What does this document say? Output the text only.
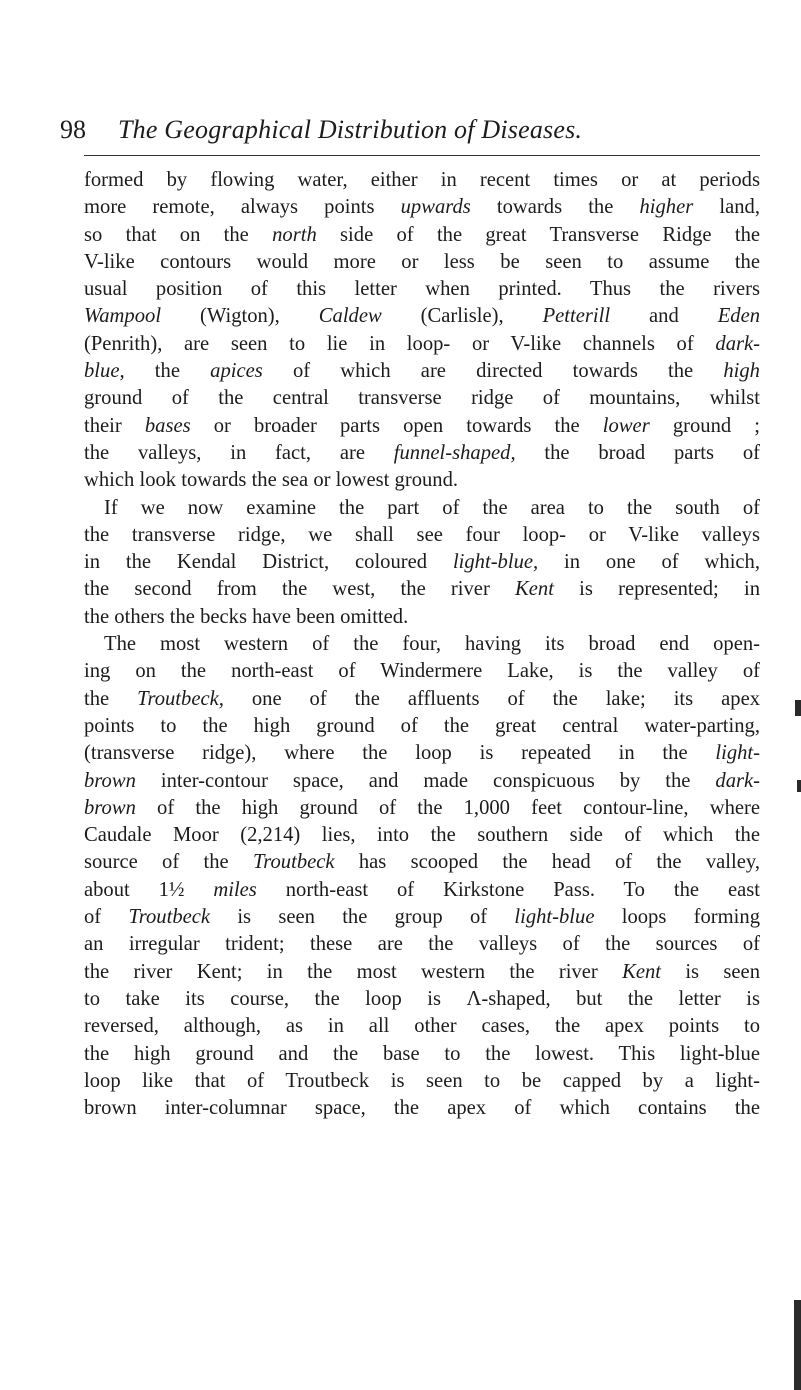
98 The Geographical Distribution of Diseases.
formed by flowing water, either in recent times or at periods
more remote, always points upwards towards the higher land,
so that on the north side of the great Transverse Ridge the
V-like contours would more or less be seen to assume the
usual position of this letter when printed. Thus the rivers
Wampool (Wigton), Caldew (Carlisle), Petterill and Eden
(Penrith), are seen to lie in loop- or V-like channels of dark-
blue, the apices of which are directed towards the high
ground of the central transverse ridge of mountains, whilst
their bases or broader parts open towards the lower ground ;
the valleys, in fact, are funnel-shaped, the broad parts of
which look towards the sea or lowest ground.
If we now examine the part of the area to the south of
the transverse ridge, we shall see four loop- or V-like valleys
in the Kendal District, coloured light-blue, in one of which,
the second from the west, the river Kent is represented; in
the others the becks have been omitted.
The most western of the four, having its broad end open-
ing on the north-east of Windermere Lake, is the valley of
the Troutbeck, one of the affluents of the lake; its apex
points to the high ground of the great central water-parting,
(transverse ridge), where the loop is repeated in the light-
brown inter-contour space, and made conspicuous by the dark-
brown of the high ground of the 1,000 feet contour-line, where
Caudale Moor (2,214) lies, into the southern side of which the
source of the Troutbeck has scooped the head of the valley,
about 1½ miles north-east of Kirkstone Pass. To the east
of Troutbeck is seen the group of light-blue loops forming
an irregular trident; these are the valleys of the sources of
the river Kent; in the most western the river Kent is seen
to take its course, the loop is Λ-shaped, but the letter is
reversed, although, as in all other cases, the apex points to
the high ground and the base to the lowest. This light-blue
loop like that of Troutbeck is seen to be capped by a light-
brown inter-columnar space, the apex of which contains the
